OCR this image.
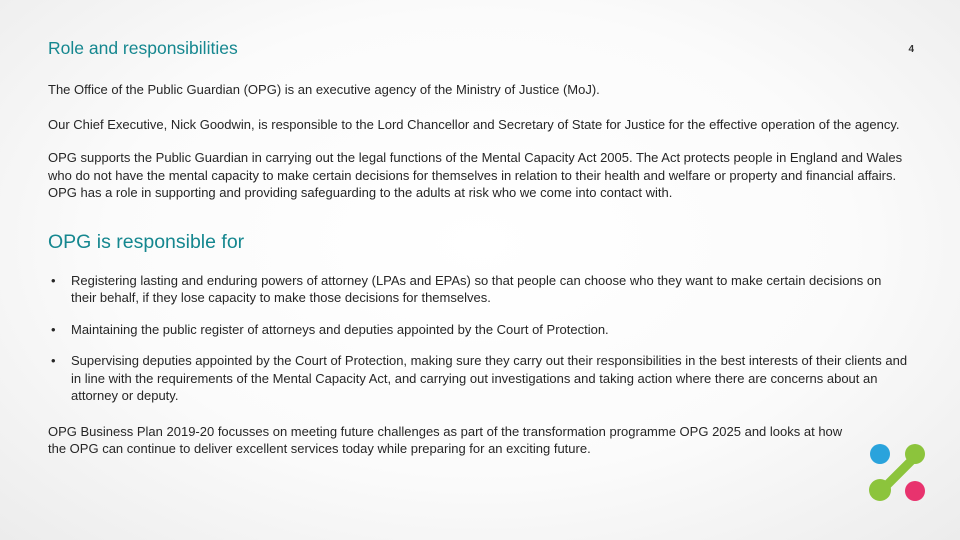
4
Role and responsibilities

The Office of the Public Guardian (OPG) is an executive agency of the Ministry of Justice (MoJ).

Our Chief Executive, Nick Goodwin, is responsible to the Lord Chancellor and Secretary of State for Justice for the effective operation of the agency.

OPG supports the Public Guardian in carrying out the legal functions of the Mental Capacity Act 2005. The Act protects people in England and Wales who do not have the mental capacity to make certain decisions for themselves in relation to their health and welfare or property and financial affairs. OPG has a role in supporting and providing safeguarding to the adults at risk who we come into contact with.

OPG is responsible for
• Registering lasting and enduring powers of attorney (LPAs and EPAs) so that people can choose who they want to make certain decisions on their behalf, if they lose capacity to make those decisions for themselves.
• Maintaining the public register of attorneys and deputies appointed by the Court of Protection.
• Supervising deputies appointed by the Court of Protection, making sure they carry out their responsibilities in the best interests of their clients and in line with the requirements of the Mental Capacity Act, and carrying out investigations and taking action where there are concerns about an attorney or deputy.

OPG Business Plan 2019-20 focusses on meeting future challenges as part of the transformation programme OPG 2025 and looks at how the OPG can continue to deliver excellent services today while preparing for an exciting future.
